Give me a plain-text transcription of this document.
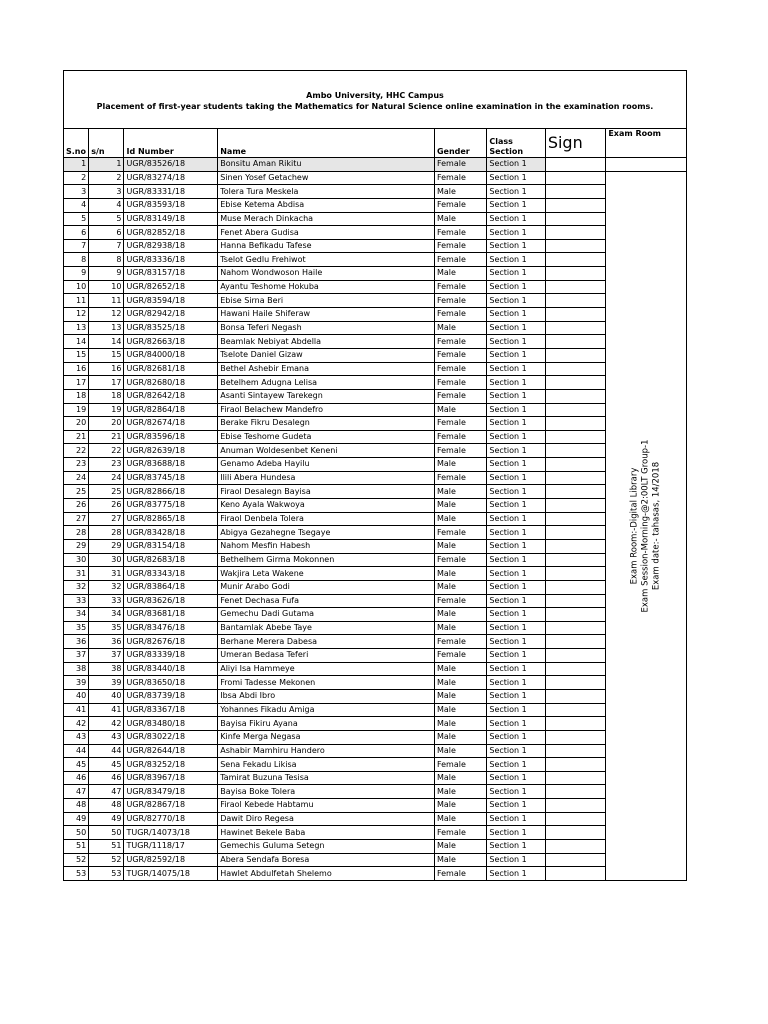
Ambo University, HHC Campus
Placement of first-year students taking the Mathematics for Natural Science online examination in the examination rooms.
S.no	s/n	Id Number	Name	Gender	Class Section	Sign	Exam Room
1	1	UGR/83526/18	Bonsitu Aman Rikitu	Female	Section 1		
2	2	UGR/83274/18	Sinen Yosef Getachew	Female	Section 1		Exam Room:-Digital Library Exam Session-Morning-@2:00LT Group-1 Exam date:- tahasas, 14/2018

3	3	UGR/83331/18	Tolera Tura Meskela	Male	Section 1		
4	4	UGR/83593/18	Ebise Ketema Abdisa	Female	Section 1		
5	5	UGR/83149/18	Muse Merach Dinkacha	Male	Section 1		
6	6	UGR/82852/18	Fenet Abera Gudisa	Female	Section 1		
7	7	UGR/82938/18	Hanna Befikadu Tafese	Female	Section 1		
8	8	UGR/83336/18	Tselot Gedlu Frehiwot	Female	Section 1		
9	9	UGR/83157/18	Nahom Wondwoson Haile	Male	Section 1		
10	10	UGR/82652/18	Ayantu Teshome Hokuba	Female	Section 1		
11	11	UGR/83594/18	Ebise Sirna Beri	Female	Section 1		
12	12	UGR/82942/18	Hawani Haile Shiferaw	Female	Section 1		
13	13	UGR/83525/18	Bonsa Teferi Negash	Male	Section 1		
14	14	UGR/82663/18	Beamlak Nebiyat Abdella	Female	Section 1		
15	15	UGR/84000/18	Tselote Daniel Gizaw	Female	Section 1		
16	16	UGR/82681/18	Bethel Ashebir Emana	Female	Section 1		
17	17	UGR/82680/18	Betelhem Adugna Lelisa	Female	Section 1		
18	18	UGR/82642/18	Asanti Sintayew Tarekegn	Female	Section 1		
19	19	UGR/82864/18	Firaol Belachew Mandefro	Male	Section 1		
20	20	UGR/82674/18	Berake Fikru Desalegn	Female	Section 1		
21	21	UGR/83596/18	Ebise Teshome Gudeta	Female	Section 1		
22	22	UGR/82639/18	Anuman Woldesenbet Keneni	Female	Section 1		
23	23	UGR/83688/18	Genamo Adeba Hayilu	Male	Section 1		
24	24	UGR/83745/18	Ilili Abera Hundesa	Female	Section 1		
25	25	UGR/82866/18	Firaol Desalegn Bayisa	Male	Section 1		
26	26	UGR/83775/18	Keno Ayala Wakwoya	Male	Section 1		
27	27	UGR/82865/18	Firaol Denbela Tolera	Male	Section 1		
28	28	UGR/83428/18	Abigya Gezahegne Tsegaye	Female	Section 1		
29	29	UGR/83154/18	Nahom Mesfin Habesh	Male	Section 1		
30	30	UGR/82683/18	Bethelhem Girma Mokonnen	Female	Section 1		
31	31	UGR/83343/18	Wakjira Leta Wakene	Male	Section 1		
32	32	UGR/83864/18	Munir Arabo Godi	Male	Section 1		
33	33	UGR/83626/18	Fenet Dechasa Fufa	Female	Section 1		
34	34	UGR/83681/18	Gemechu Dadi Gutama	Male	Section 1		
35	35	UGR/83476/18	Bantamlak Abebe Taye	Male	Section 1		
36	36	UGR/82676/18	Berhane Merera Dabesa	Female	Section 1		
37	37	UGR/83339/18	Umeran Bedasa Teferi	Female	Section 1		
38	38	UGR/83440/18	Aliyi Isa Hammeye	Male	Section 1		
39	39	UGR/83650/18	Fromi Tadesse Mekonen	Male	Section 1		
40	40	UGR/83739/18	Ibsa Abdi Ibro	Male	Section 1		
41	41	UGR/83367/18	Yohannes Fikadu Amiga	Male	Section 1		
42	42	UGR/83480/18	Bayisa Fikiru Ayana	Male	Section 1		
43	43	UGR/83022/18	Kinfe Merga Negasa	Male	Section 1		
44	44	UGR/82644/18	Ashabir Mamhiru Handero	Male	Section 1		
45	45	UGR/83252/18	Sena Fekadu Likisa	Female	Section 1		
46	46	UGR/83967/18	Tamirat Buzuna Tesisa	Male	Section 1		
47	47	UGR/83479/18	Bayisa Boke Tolera	Male	Section 1		
48	48	UGR/82867/18	Firaol Kebede Habtamu	Male	Section 1		
49	49	UGR/82770/18	Dawit Diro Regesa	Male	Section 1		
50	50	TUGR/14073/18	Hawinet Bekele Baba	Female	Section 1		
51	51	TUGR/1118/17	Gemechis Guluma Setegn	Male	Section 1		
52	52	UGR/82592/18	Abera Sendafa Boresa	Male	Section 1		
53	53	TUGR/14075/18	Hawlet Abdulfetah Shelemo	Female	Section 1		
